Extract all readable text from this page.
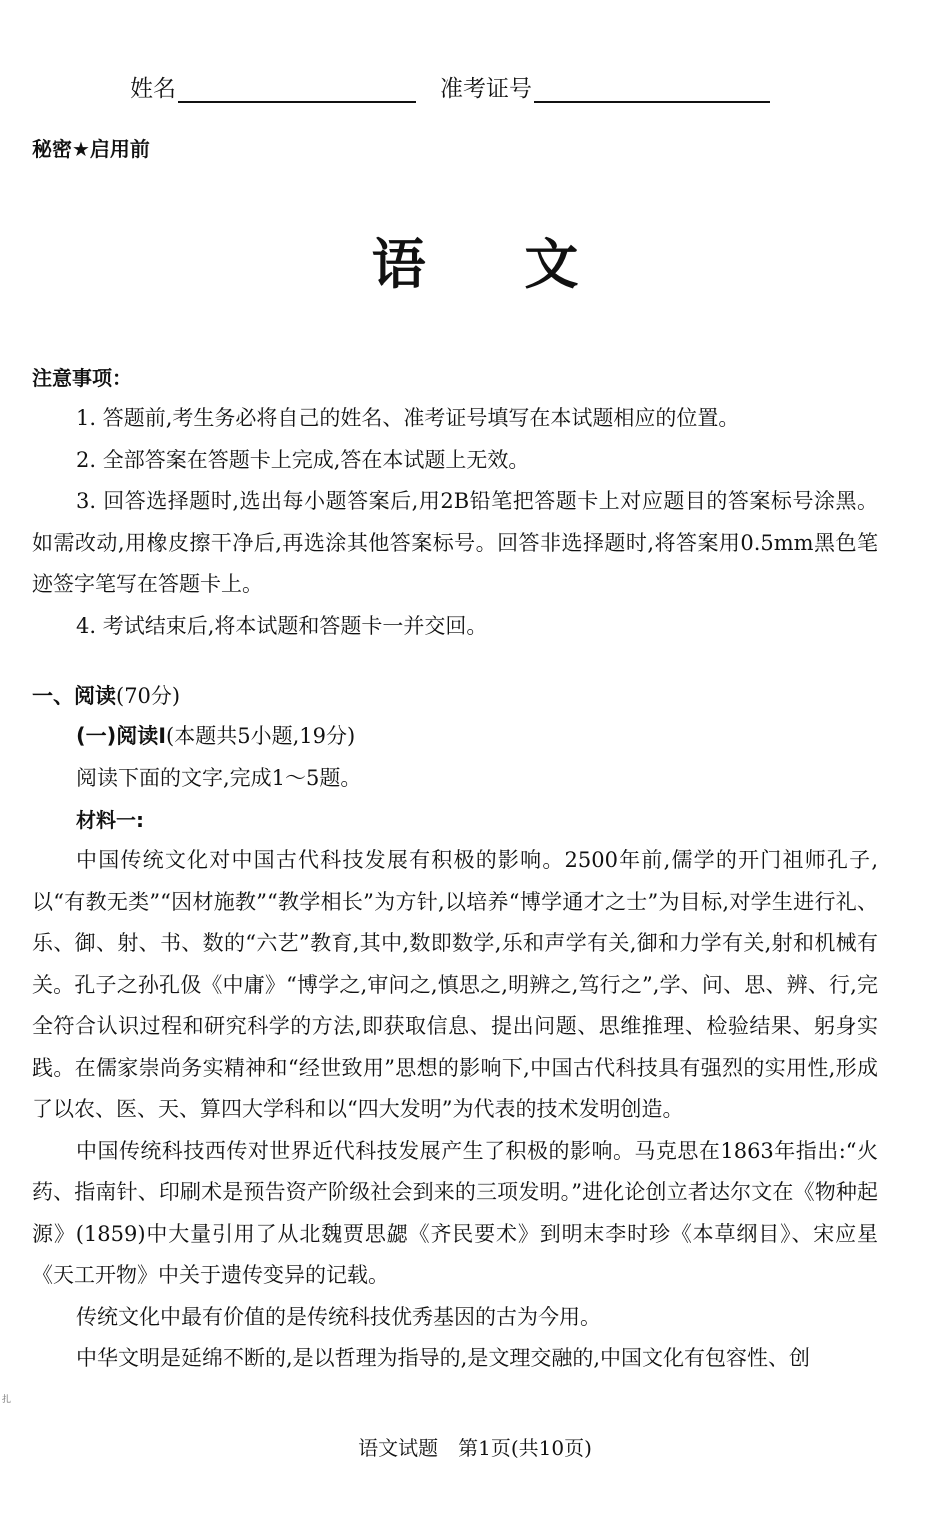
姓名	准考证号
秘密★启用前
语 文
注意事项：

1. 答题前,考生务必将自己的姓名、准考证号填写在本试题相应的位置。

2. 全部答案在答题卡上完成,答在本试题上无效。

3. 回答选择题时,选出每小题答案后,用2B铅笔把答题卡上对应题目的答案标号涂黑。如需改动,用橡皮擦干净后,再选涂其他答案标号。回答非选择题时,将答案用0.5mm黑色笔迹签字笔写在答题卡上。

4. 考试结束后,将本试题和答题卡一并交回。

一、阅读(70分)
(一)阅读Ⅰ(本题共5小题,19分)
阅读下面的文字,完成1～5题。
材料一:

中国传统文化对中国古代科技发展有积极的影响。2500年前,儒学的开门祖师孔子,以“有教无类”“因材施教”“教学相长”为方针,以培养“博学通才之士”为目标,对学生进行礼、乐、御、射、书、数的“六艺”教育,其中,数即数学,乐和声学有关,御和力学有关,射和机械有关。孔子之孙孔伋《中庸》“博学之,审问之,慎思之,明辨之,笃行之”,学、问、思、辨、行,完全符合认识过程和研究科学的方法,即获取信息、提出问题、思维推理、检验结果、躬身实践。在儒家崇尚务实精神和“经世致用”思想的影响下,中国古代科技具有强烈的实用性,形成了以农、医、天、算四大学科和以“四大发明”为代表的技术发明创造。

中国传统科技西传对世界近代科技发展产生了积极的影响。马克思在1863年指出:“火药、指南针、印刷术是预告资产阶级社会到来的三项发明。”进化论创立者达尔文在《物种起源》(1859)中大量引用了从北魏贾思勰《齐民要术》到明末李时珍《本草纲目》、宋应星《天工开物》中关于遗传变异的记载。

传统文化中最有价值的是传统科技优秀基因的古为今用。

中华文明是延绵不断的,是以哲理为指导的,是文理交融的,中国文化有包容性、创

扎
语文试题　第1页(共10页)
